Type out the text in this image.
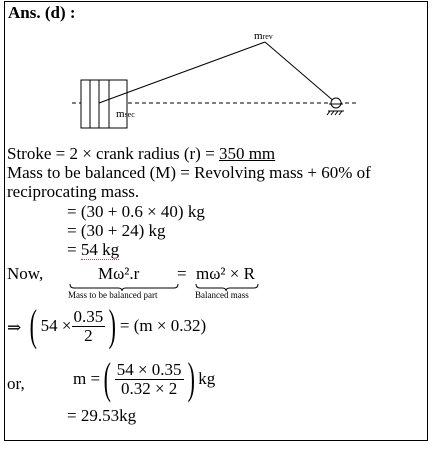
Ans. (d) :
mrev
msec
Stroke = 2 × crank radius (r) = 350 mm
Mass to be balanced (M) = Revolving mass + 60% of
reciprocating mass.
= (30 + 0.6 × 40) kg
= (30 + 24) kg
= 54 kg
Now,	Mω².r = mω² × R
Mass to be balanced part	Balanced mass
⇒ ( $54 \times \frac{0.35}{2}$ ) = (m × 0.32)
or,	m = ( $\frac{54 \times 0.35}{0.32 \times 2}$ ) kg
= 29.53kg
